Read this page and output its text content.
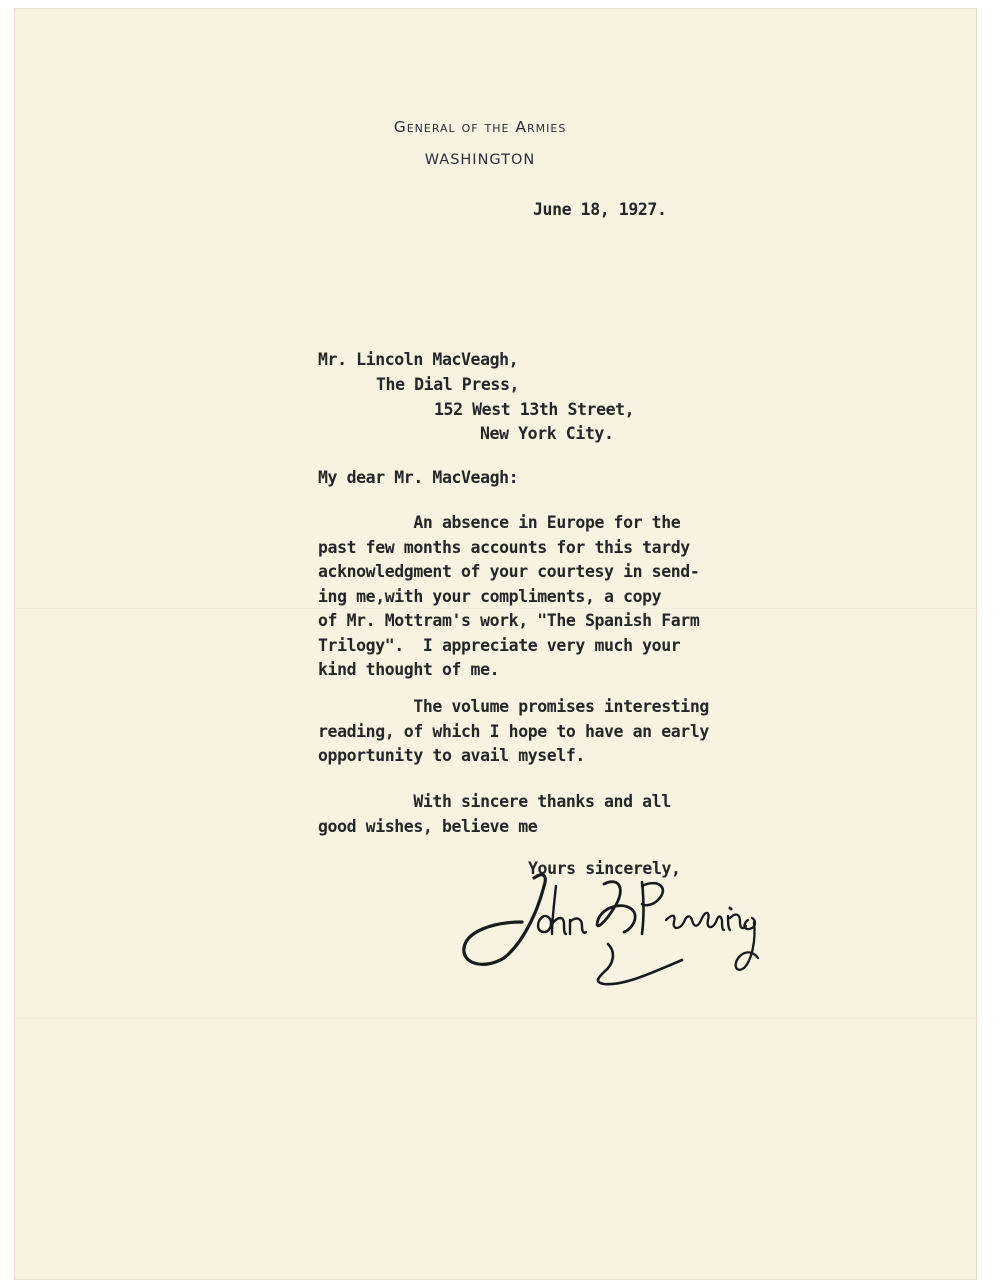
General of the Armies
WASHINGTON
June 18, 1927.
Mr. Lincoln MacVeagh,
The Dial Press,
152 West 13th Street,
New York City.
My dear Mr. MacVeagh:
An absence in Europe for the
past few months accounts for this tardy
acknowledgment of your courtesy in send-
ing me,with your compliments, a copy
of Mr. Mottram's work, "The Spanish Farm
Trilogy".  I appreciate very much your
kind thought of me.
The volume promises interesting
reading, of which I hope to have an early
opportunity to avail myself.
With sincere thanks and all
good wishes, believe me
Yours sincerely,
